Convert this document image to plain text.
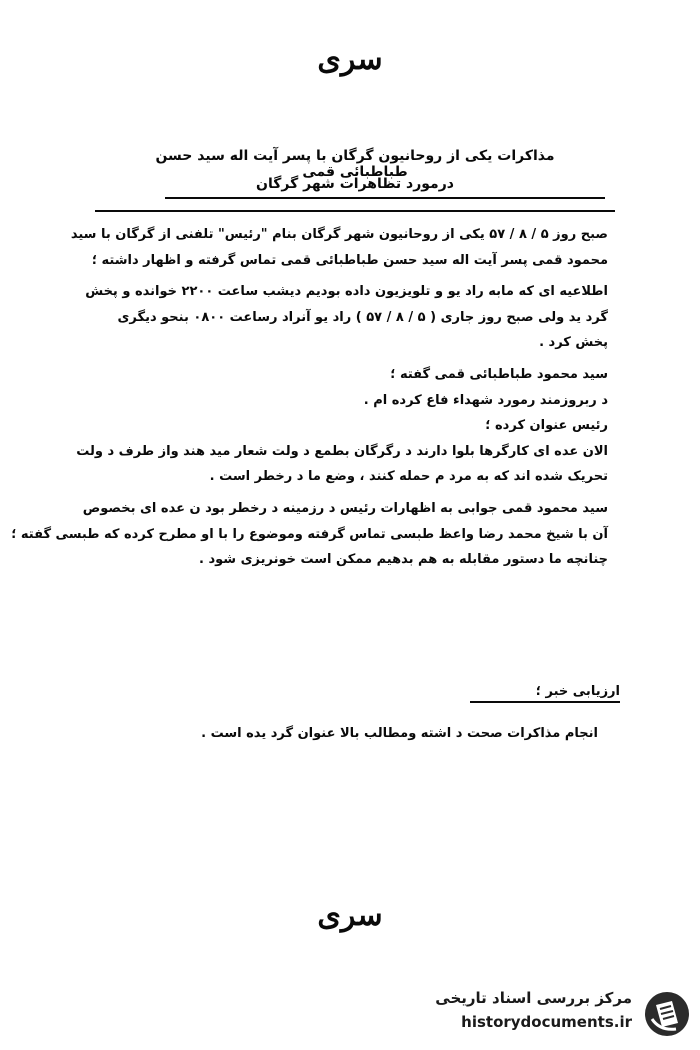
سری
مذاکرات یکی از روحانیون گرگان با پسر آیت اله سید حسن طباطبائی قمی
درمورد تظاهرات شهر گرگان
صبح روز ۵ / ۸ / ۵۷ یکی از روحانیون شهر گرگان بنام "رئیس" تلفنی از گرگان با سید
محمود قمی پسر آیت اله سید حسن طباطبائی قمی تماس گرفته و اظهار داشته ؛
اطلاعیه ای که مابه راد یو و تلویزیون داده بودیم دیشب ساعت ۲۲۰۰ خوانده و پخش
گرد ید ولی صبح روز جاری ( ۵ / ۸ / ۵۷ ) راد یو آنراد رساعت ۰۸۰۰ بنحو دیگری
پخش کرد .
سید محمود طباطبائی قمی گفته ؛
د ربروزمند رمورد شهداء فاع کرده ام .
رئیس عنوان کرده ؛
الان عده ای کارگرها بلوا دارند د رگرگان بطمع د ولت شعار مید هند واز طرف د ولت
تحریک شده اند که به مرد م حمله کنند ، وضع ما د رخطر است .
سید محمود قمی جوابی به اظهارات رئیس د رزمینه د رخطر بود ن عده ای بخصوص
آن با شیخ محمد رضا واعظ طبسی تماس گرفته وموضوع را با او مطرح کرده که طبسی گفته ؛
چنانچه ما دستور مقابله به هم بدهیم ممکن است خونریزی شود .
ارزیابی خبر ؛
انجام مذاکرات صحت د اشته ومطالب بالا عنوان گرد یده است .
سری
مرکز بررسی اسناد تاریخی
historydocuments.ir
